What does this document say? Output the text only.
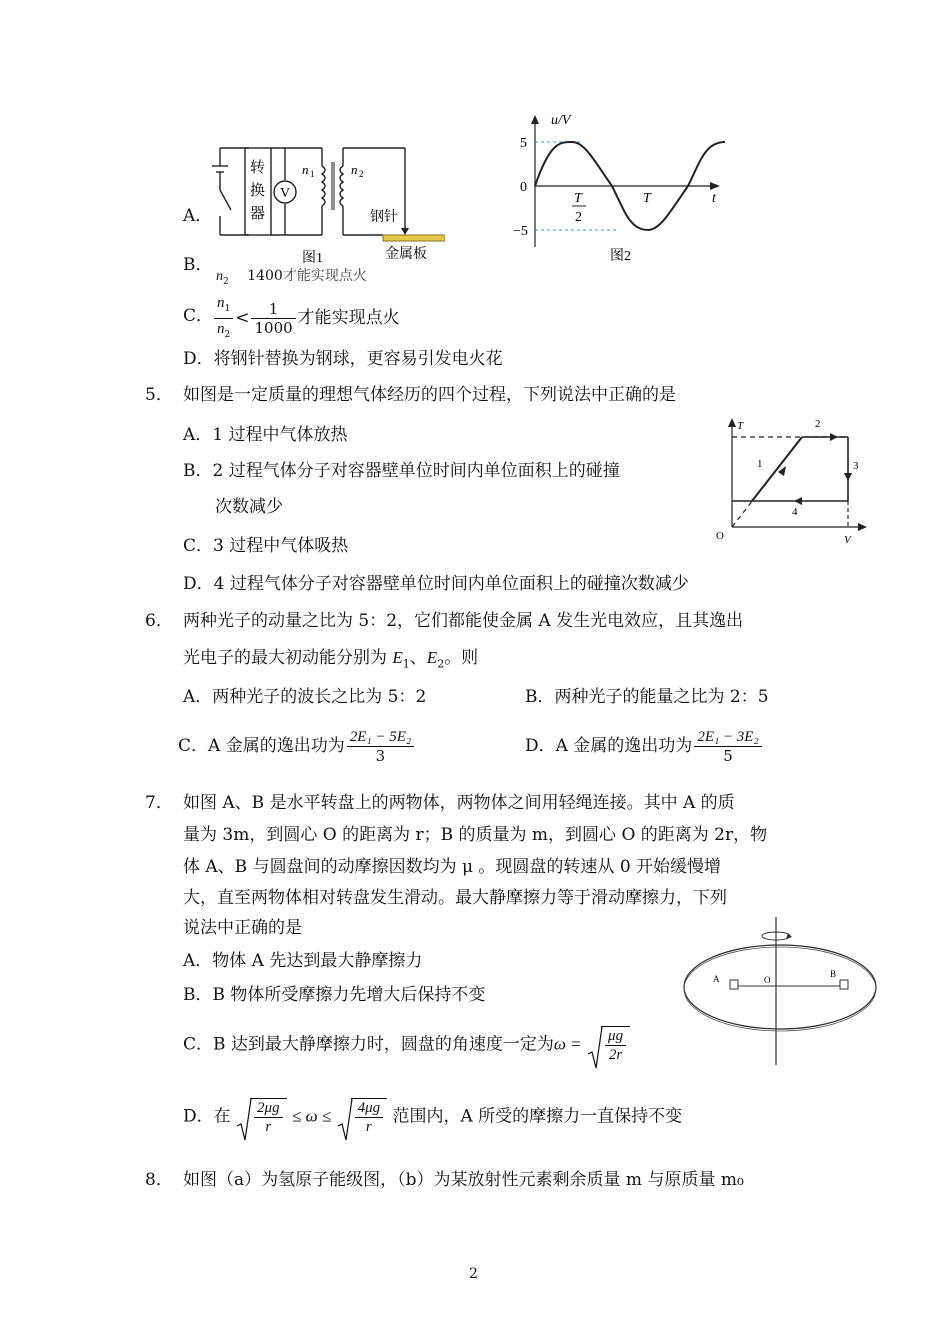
转
换
器
V
n 1	n 2
钢针
金属板
图1
u/V
5
0
−5
t
T
2
T
图2
A．
B．
$n_2$ 1400才能实现点火
C． $\frac{n_1}{n_2} < \frac{1}{1000}$ 才能实现点火
D．将钢针替换为钢球，更容易引发电火花
5． 如图是一定质量的理想气体经历的四个过程，下列说法中正确的是
A．1 过程中气体放热
B．2 过程气体分子对容器壁单位时间内单位面积上的碰撞
次数减少
C．3 过程中气体吸热
D．4 过程气体分子对容器壁单位时间内单位面积上的碰撞次数减少
T
V
O
1
2
3
4
6． 两种光子的动量之比为 5：2，它们都能使金属 A 发生光电效应，且其逸出
光电子的最大初动能分别为 $E_1$、$E_2$。则
A．两种光子的波长之比为 5：2	B．两种光子的能量之比为 2：5
C．A 金属的逸出功为 $\frac{\text{2E₁ − 5E₂}}{3}$	D．A 金属的逸出功为 $\frac{\text{2E₁ − 3E₂}}{5}$
7． 如图 A、B 是水平转盘上的两物体，两物体之间用轻绳连接。其中 A 的质
量为 3m，到圆心 O 的距离为 r；B 的质量为 m，到圆心 O 的距离为 2r，物
体 A、B 与圆盘间的动摩擦因数均为 μ 。现圆盘的转速从 0 开始缓慢增
大，直至两物体相对转盘发生滑动。最大静摩擦力等于滑动摩擦力，下列
说法中正确的是
A．物体 A 先达到最大静摩擦力
B．B 物体所受摩擦力先增大后保持不变
C．B 达到最大静摩擦力时，圆盘的角速度一定为$\omega = \frac{\mu g}{2r}$
D．在 $\frac{2\mu g}{r} \le \omega \le \frac{4\mu g}{r}$ 范围内，A 所受的摩擦力一直保持不变
A	O
B
8． 如图（a）为氢原子能级图，（b）为某放射性元素剩余质量 m 与原质量 m₀
2
